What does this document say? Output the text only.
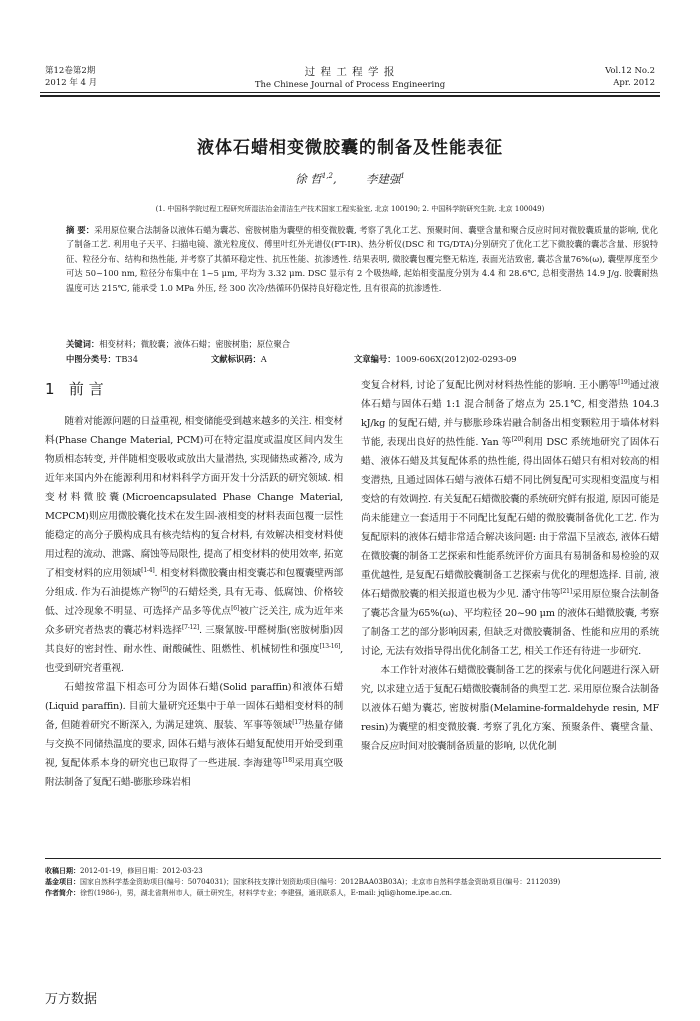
第12卷第2期
2012 年 4 月
过 程 工 程 学 报
The Chinese Journal of Process Engineering
Vol.12 No.2
Apr. 2012
液体石蜡相变微胶囊的制备及性能表征
徐 哲$^{1,2}$,        李建强$^1$
(1. 中国科学院过程工程研究所湿法冶金清洁生产技术国家工程实验室, 北京 100190; 2. 中国科学院研究生院, 北京 100049)
摘 要：采用原位聚合法制备以液体石蜡为囊芯、密胺树脂为囊壁的相变微胶囊, 考察了乳化工艺、预聚时间、囊壁含量和聚合反应时间对微胶囊质量的影响, 优化了制备工艺. 利用电子天平、扫描电镜、激光粒度仪、傅里叶红外光谱仪(FT-IR)、热分析仪(DSC 和 TG/DTA)分别研究了优化工艺下微胶囊的囊芯含量、形貌特征、粒径分布、结构和热性能, 并考察了其循环稳定性、抗压性能、抗渗透性. 结果表明, 微胶囊包覆完整无粘连, 表面光洁致密, 囊芯含量76%(ω), 囊壁厚度至少可达 50~100 nm, 粒径分布集中在 1~5 μm, 平均为 3.32 μm. DSC 显示有 2 个吸热峰, 起始相变温度分别为 4.4 和 28.6℃, 总相变潜热 14.9 J/g. 胶囊耐热温度可达 215℃, 能承受 1.0 MPa 外压, 经 300 次冷/热循环仍保持良好稳定性, 且有很高的抗渗透性.
关键词：相变材料；微胶囊；液体石蜡；密胺树脂；原位聚合
中图分类号：TB34	文献标识码：A	文章编号：1009-606X(2012)02-0293-09
1 前 言

随着对能源问题的日益重视, 相变储能受到越来越多的关注. 相变材料(Phase Change Material, PCM)可在特定温度或温度区间内发生物质相态转变, 并伴随相变吸收或放出大量潜热, 实现储热或蓄冷, 成为近年来国内外在能源利用和材料科学方面开发十分活跃的研究领域. 相变材料微胶囊(Microencapsulated Phase Change Material, MCPCM)则应用微胶囊化技术在发生固-液相变的材料表面包覆一层性能稳定的高分子膜构成具有核壳结构的复合材料, 有效解决相变材料使用过程的流动、泄露、腐蚀等局限性, 提高了相变材料的使用效率, 拓宽了相变材料的应用领域[1-4]. 相变材料微胶囊由相变囊芯和包覆囊壁两部分组成. 作为石油提炼产物[5]的石蜡烃类, 具有无毒、低腐蚀、价格较低、过冷现象不明显、可选择产品多等优点[6]被广泛关注, 成为近年来众多研究者热衷的囊芯材料选择[7-12]. 三聚氰胺-甲醛树脂(密胺树脂)因其良好的密封性、耐水性、耐酸碱性、阻燃性、机械韧性和强度[13-16], 也受到研究者重视.

石蜡按常温下相态可分为固体石蜡(Solid paraffin)和液体石蜡(Liquid paraffin). 目前大量研究还集中于单一固体石蜡相变材料的制备, 但随着研究不断深入, 为满足建筑、服装、军事等领域[17]热量存储与交换不同储热温度的要求, 固体石蜡与液体石蜡复配使用开始受到重视, 复配体系本身的研究也已取得了一些进展. 李海建等[18]采用真空吸附法制备了复配石蜡-膨胀珍珠岩相

变复合材料, 讨论了复配比例对材料热性能的影响. 王小鹏等[19]通过液体石蜡与固体石蜡 1:1 混合制备了熔点为 25.1℃, 相变潜热 104.3 kJ/kg 的复配石蜡, 并与膨胀珍珠岩融合制备出相变颗粒用于墙体材料节能, 表现出良好的热性能. Yan 等[20]利用 DSC 系统地研究了固体石蜡、液体石蜡及其复配体系的热性能, 得出固体石蜡只有相对较高的相变潜热, 且通过固体石蜡与液体石蜡不同比例复配可实现相变温度与相变焓的有效调控. 有关复配石蜡微胶囊的系统研究鲜有报道, 原因可能是尚未能建立一套适用于不同配比复配石蜡的微胶囊制备优化工艺. 作为复配原料的液体石蜡非常适合解决该问题: 由于常温下呈液态, 液体石蜡在微胶囊的制备工艺探索和性能系统评价方面具有易制备和易检验的双重优越性, 是复配石蜡微胶囊制备工艺探索与优化的理想选择. 目前, 液体石蜡微胶囊的相关报道也极为少见. 潘守伟等[21]采用原位聚合法制备了囊芯含量为65%(ω)、平均粒径 20~90 μm 的液体石蜡微胶囊, 考察了制备工艺的部分影响因素, 但缺乏对微胶囊制备、性能和应用的系统讨论, 无法有效指导得出优化制备工艺, 相关工作还有待进一步研究.

本工作针对液体石蜡微胶囊制备工艺的探索与优化问题进行深入研究, 以求建立适于复配石蜡微胶囊制备的典型工艺. 采用原位聚合法制备以液体石蜡为囊芯, 密胺树脂(Melamine-formaldehyde resin, MF resin)为囊壁的相变微胶囊. 考察了乳化方案、预聚条件、囊壁含量、聚合反应时间对胶囊制备质量的影响, 以优化制

收稿日期：2012-01-19，修回日期：2012-03-23
基金项目：国家自然科学基金资助项目(编号：50704031)；国家科技支撑计划资助项目(编号：2012BAA03B03A)；北京市自然科学基金资助项目(编号：2112039)
作者简介：徐哲(1986-)，男，湖北省荆州市人，硕士研究生，材料学专业；李建强，通讯联系人，E-mail: jqli@home.ipe.ac.cn.
万方数据
